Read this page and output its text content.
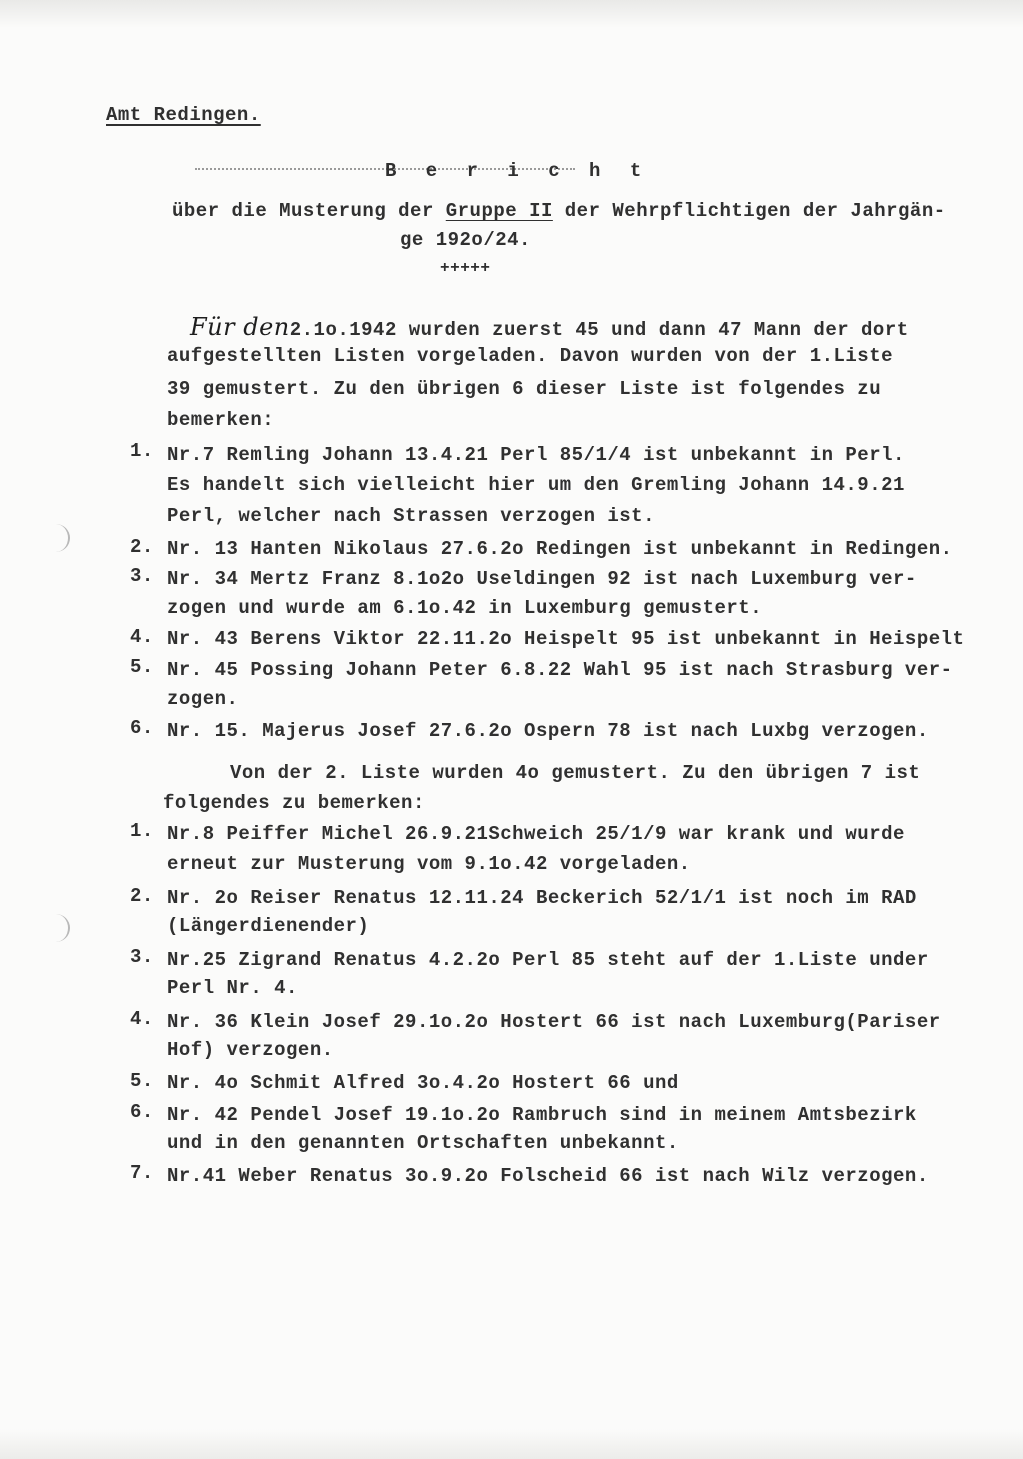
Amt Redingen.
B e r i c h t
über die Musterung der Gruppe II der Wehrpflichtigen der Jahrgän-
ge 192o/24.
+++++
Für den2.1o.1942 wurden zuerst 45 und dann 47 Mann der dort
aufgestellten Listen vorgeladen. Davon wurden von der 1.Liste
39 gemustert. Zu den übrigen 6 dieser Liste ist folgendes zu
bemerken:
1. Nr.7 Remling Johann 13.4.21 Perl 85/1/4 ist unbekannt in Perl.
Es handelt sich vielleicht hier um den Gremling Johann 14.9.21
Perl, welcher nach Strassen verzogen ist.
2. Nr. 13 Hanten Nikolaus 27.6.2o Redingen ist unbekannt in Redingen.
3. Nr. 34 Mertz Franz 8.1o2o Useldingen 92 ist nach Luxemburg ver-
zogen und wurde am 6.1o.42 in Luxemburg gemustert.
4. Nr. 43 Berens Viktor 22.11.2o Heispelt 95 ist unbekannt in Heispelt
5. Nr. 45 Possing Johann Peter 6.8.22 Wahl 95 ist nach Strasburg ver-
zogen.
6. Nr. 15. Majerus Josef 27.6.2o Ospern 78 ist nach Luxbg verzogen.
Von der 2. Liste wurden 4o gemustert. Zu den übrigen 7 ist
folgendes zu bemerken:
1. Nr.8 Peiffer Michel 26.9.21Schweich 25/1/9 war krank und wurde
erneut zur Musterung vom 9.1o.42 vorgeladen.
2. Nr. 2o Reiser Renatus 12.11.24 Beckerich 52/1/1 ist noch im RAD
(Längerdienender)
3. Nr.25 Zigrand Renatus 4.2.2o Perl 85 steht auf der 1.Liste under
Perl Nr. 4.
4. Nr. 36 Klein Josef 29.1o.2o Hostert 66 ist nach Luxemburg(Pariser
Hof) verzogen.
5. Nr. 4o Schmit Alfred 3o.4.2o Hostert 66 und
6. Nr. 42 Pendel Josef 19.1o.2o Rambruch sind in meinem Amtsbezirk
und in den genannten Ortschaften unbekannt.
7. Nr.41 Weber Renatus 3o.9.2o Folscheid 66 ist nach Wilz verzogen.
